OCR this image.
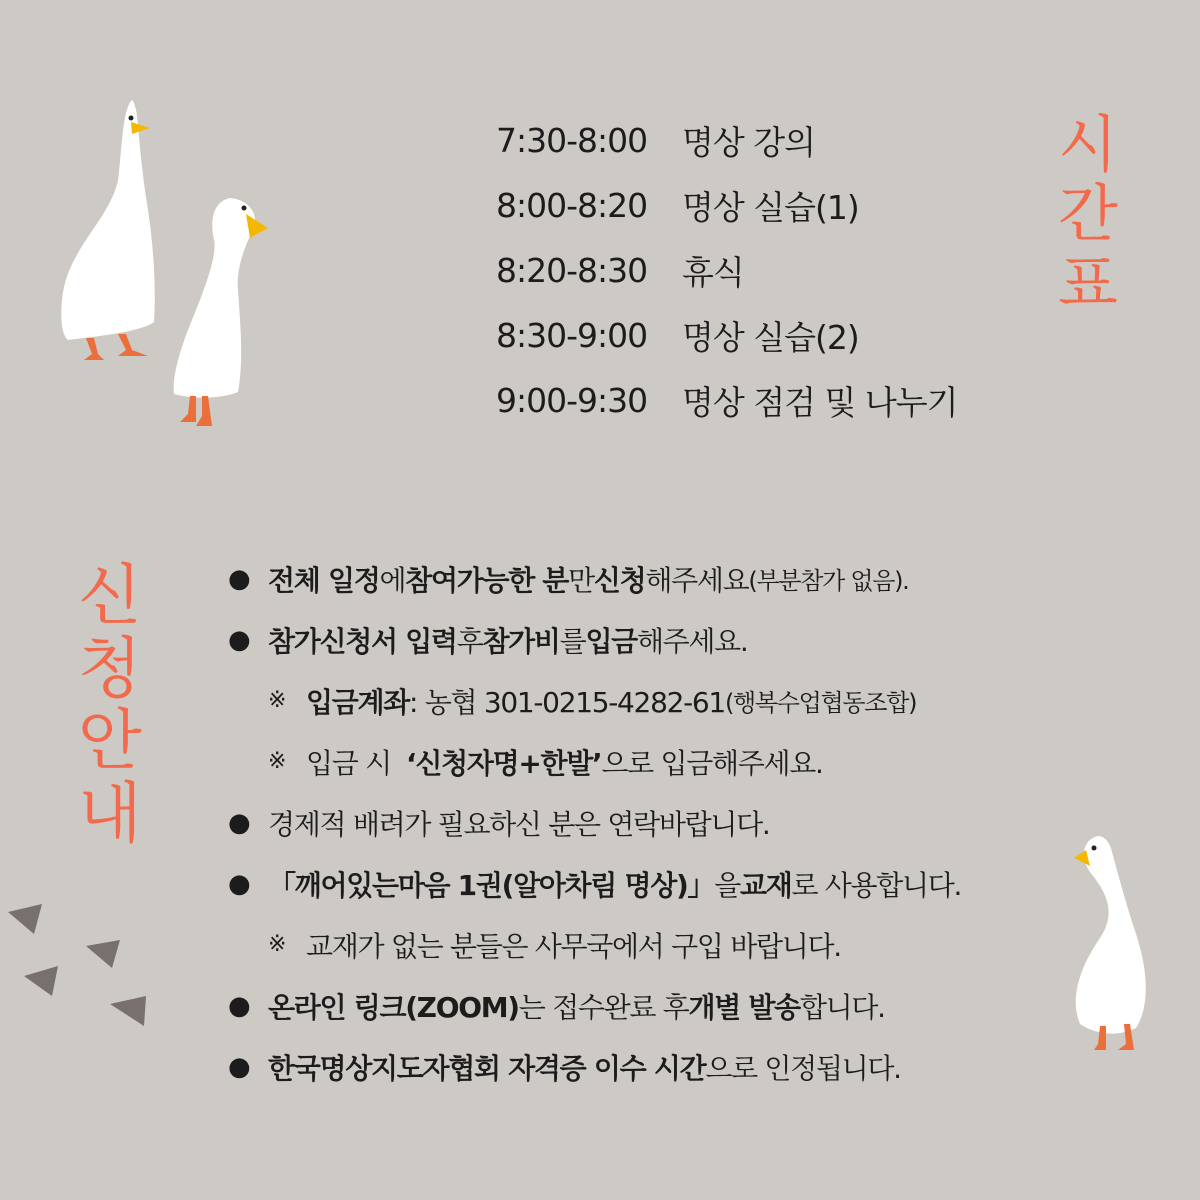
시
간
표
7:30-8:00	명상 강의
8:00-8:20	명상 실습(1)
8:20-8:30	휴식
8:30-9:00	명상 실습(2)
9:00-9:30	명상 점검 및 나누기
신
청
안
내
● 전체 일정 에 참여가능한 분 만 신청 해주세요 (부분참가 없음).
● 참가신청서 입력 후 참가비 를 입금 해주세요.
※ 입금계좌 : 농협 301-0215-4282-61 (행복수업협동조합)
※ 입금 시 ‘신청자명+한발’ 으로 입금해주세요.
● 경제적 배려가 필요하신 분은 연락바랍니다.
● 「깨어있는마음 1권(알아차림 명상)」 을 교재 로 사용합니다.
※ 교재가 없는 분들은 사무국에서 구입 바랍니다.
● 온라인 링크(ZOOM) 는 접수완료 후 개별 발송 합니다.
● 한국명상지도자협회 자격증 이수 시간 으로 인정됩니다.
